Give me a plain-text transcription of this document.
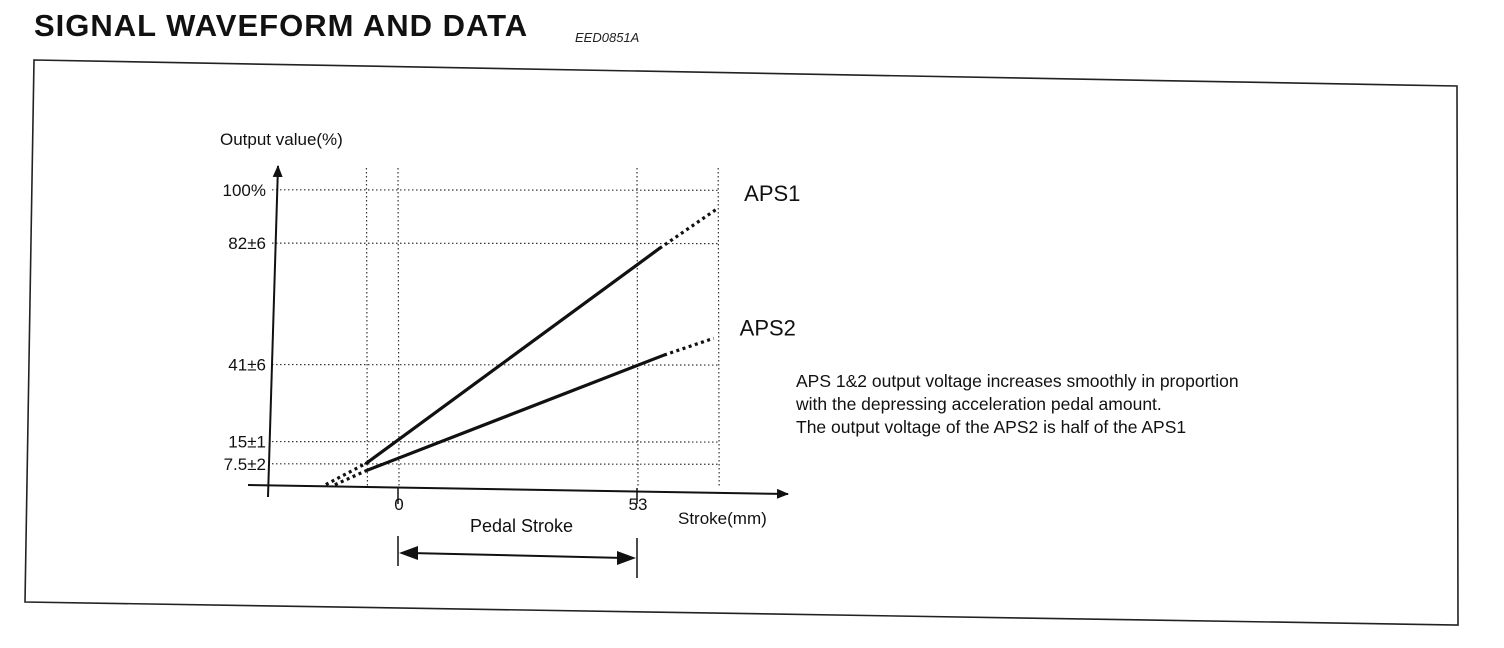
SIGNAL WAVEFORM AND DATA	EED0851A
100%
82±6
41±6
15±1
7.5±2
0	53
APS1
APS2
Output value(%)
Stroke(mm)
Pedal Stroke
APS 1&2 output voltage increases smoothly in proportion
with the depressing acceleration pedal amount.
The output voltage of the APS2 is half of the APS1
